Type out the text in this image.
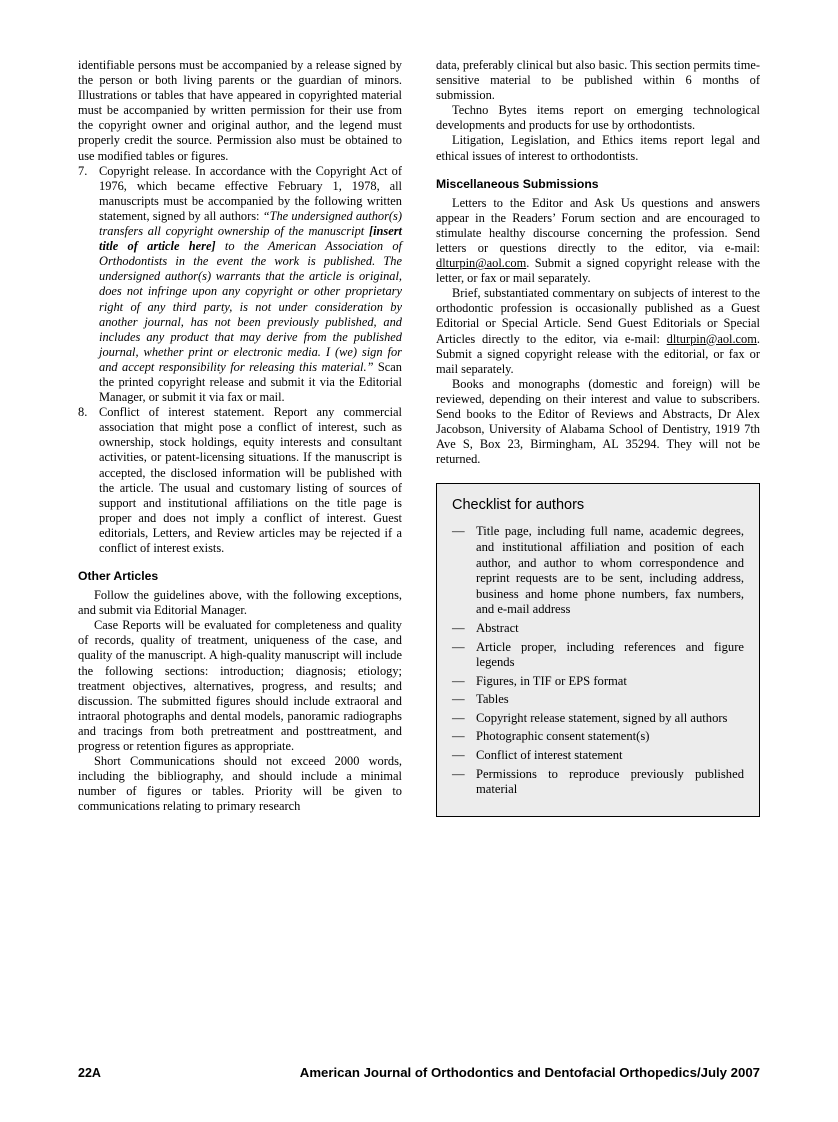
identifiable persons must be accompanied by a release signed by the person or both living parents or the guardian of minors. Illustrations or tables that have appeared in copyrighted material must be accompanied by written permission for their use from the copyright owner and original author, and the legend must properly credit the source. Permission also must be obtained to use modified tables or figures.

7. Copyright release. In accordance with the Copyright Act of 1976, which became effective February 1, 1978, all manuscripts must be accompanied by the following written statement, signed by all authors: “The undersigned author(s) transfers all copyright ownership of the manuscript [insert title of article here] to the American Association of Orthodontists in the event the work is published. The undersigned author(s) warrants that the article is original, does not infringe upon any copyright or other proprietary right of any third party, is not under consideration by another journal, has not been previously published, and includes any product that may derive from the published journal, whether print or electronic media. I (we) sign for and accept responsibility for releasing this material.” Scan the printed copyright release and submit it via the Editorial Manager, or submit it via fax or mail.
8. Conflict of interest statement. Report any commercial association that might pose a conflict of interest, such as ownership, stock holdings, equity interests and consultant activities, or patent-licensing situations. If the manuscript is accepted, the disclosed information will be published with the article. The usual and customary listing of sources of support and institutional affiliations on the title page is proper and does not imply a conflict of interest. Guest editorials, Letters, and Review articles may be rejected if a conflict of interest exists.
Other Articles

Follow the guidelines above, with the following exceptions, and submit via Editorial Manager.

Case Reports will be evaluated for completeness and quality of records, quality of treatment, uniqueness of the case, and quality of the manuscript. A high-quality manuscript will include the following sections: introduction; diagnosis; etiology; treatment objectives, alternatives, progress, and results; and discussion. The submitted figures should include extraoral and intraoral photographs and dental models, panoramic radiographs and tracings from both pretreatment and posttreatment, and progress or retention figures as appropriate.

Short Communications should not exceed 2000 words, including the bibliography, and should include a minimal number of figures or tables. Priority will be given to communications relating to primary research

data, preferably clinical but also basic. This section permits time-sensitive material to be published within 6 months of submission.

Techno Bytes items report on emerging technological developments and products for use by orthodontists.

Litigation, Legislation, and Ethics items report legal and ethical issues of interest to orthodontists.

Miscellaneous Submissions

Letters to the Editor and Ask Us questions and answers appear in the Readers’ Forum section and are encouraged to stimulate healthy discourse concerning the profession. Send letters or questions directly to the editor, via e-mail: dlturpin@aol.com. Submit a signed copyright release with the letter, or fax or mail separately.

Brief, substantiated commentary on subjects of interest to the orthodontic profession is occasionally published as a Guest Editorial or Special Article. Send Guest Editorials or Special Articles directly to the editor, via e-mail: dlturpin@aol.com. Submit a signed copyright release with the editorial, or fax or mail separately.

Books and monographs (domestic and foreign) will be reviewed, depending on their interest and value to subscribers. Send books to the Editor of Reviews and Abstracts, Dr Alex Jacobson, University of Alabama School of Dentistry, 1919 7th Ave S, Box 23, Birmingham, AL 35294. They will not be returned.

Checklist for authors
— Title page, including full name, academic degrees, and institutional affiliation and position of each author, and author to whom correspondence and reprint requests are to be sent, including address, business and home phone numbers, fax numbers, and e-mail address
— Abstract
— Article proper, including references and figure legends
— Figures, in TIF or EPS format
— Tables
— Copyright release statement, signed by all authors
— Photographic consent statement(s)
— Conflict of interest statement
— Permissions to reproduce previously published material
22A	American Journal of Orthodontics and Dentofacial Orthopedics/July 2007
